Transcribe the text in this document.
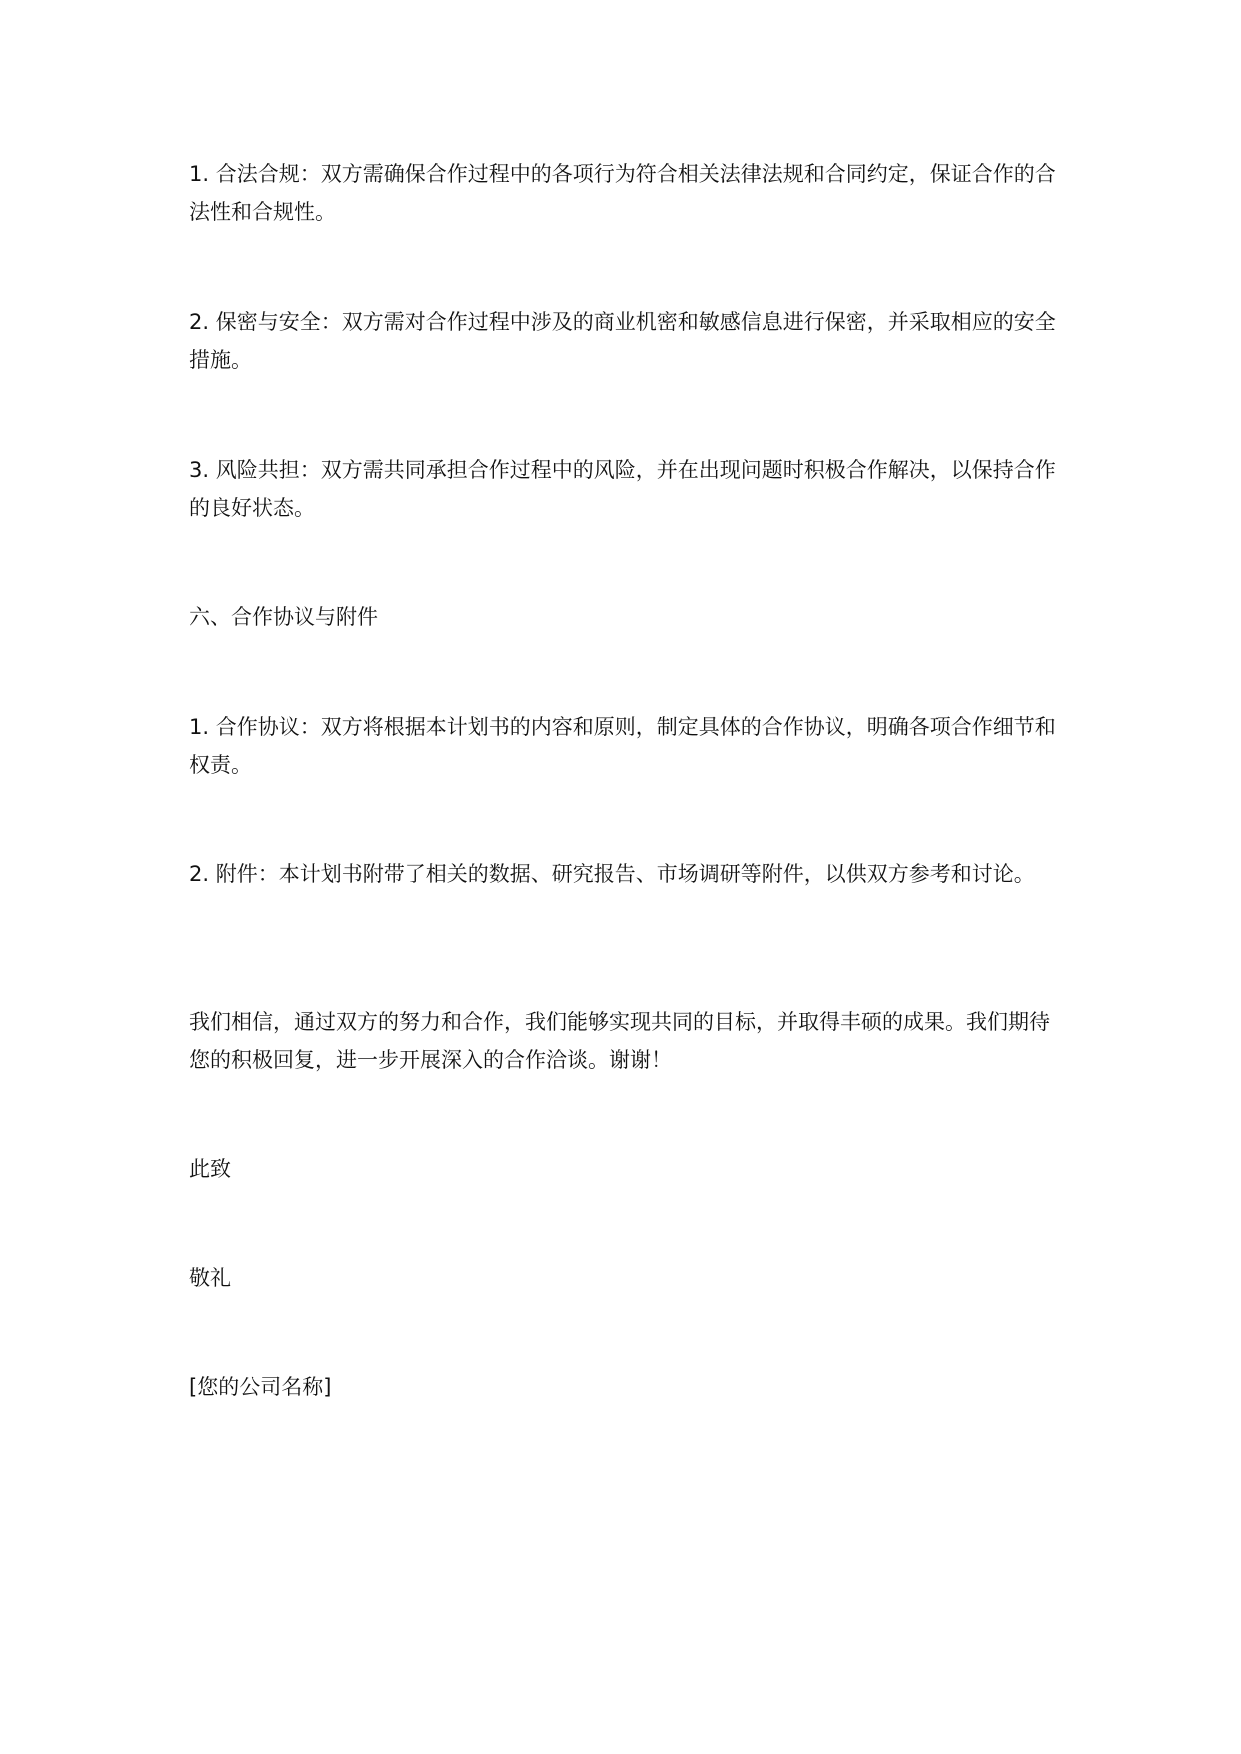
1. 合法合规：双方需确保合作过程中的各项行为符合相关法律法规和合同约定，保证合作的合法性和合规性。

2. 保密与安全：双方需对合作过程中涉及的商业机密和敏感信息进行保密，并采取相应的安全措施。

3. 风险共担：双方需共同承担合作过程中的风险，并在出现问题时积极合作解决，以保持合作的良好状态。

六、合作协议与附件

1. 合作协议：双方将根据本计划书的内容和原则，制定具体的合作协议，明确各项合作细节和权责。

2. 附件：本计划书附带了相关的数据、研究报告、市场调研等附件，以供双方参考和讨论。

我们相信，通过双方的努力和合作，我们能够实现共同的目标，并取得丰硕的成果。我们期待您的积极回复，进一步开展深入的合作洽谈。谢谢！

此致

敬礼

[您的公司名称]
